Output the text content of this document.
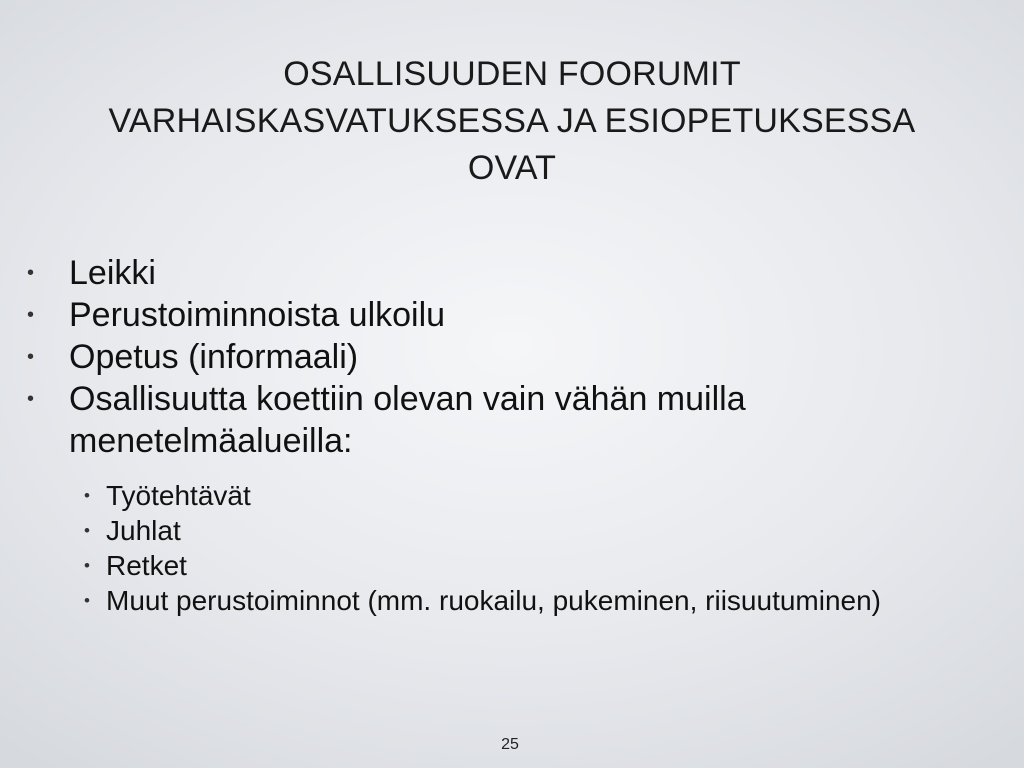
OSALLISUUDEN FOORUMIT
VARHAISKASVATUKSESSA JA ESIOPETUKSESSA
OVAT
• Leikki
• Perustoiminnoista ulkoilu
• Opetus (informaali)
• Osallisuutta koettiin olevan vain vähän muilla
menetelmäalueilla:
• Työtehtävät
• Juhlat
• Retket
• Muut perustoiminnot (mm. ruokailu, pukeminen, riisuutuminen)
25
